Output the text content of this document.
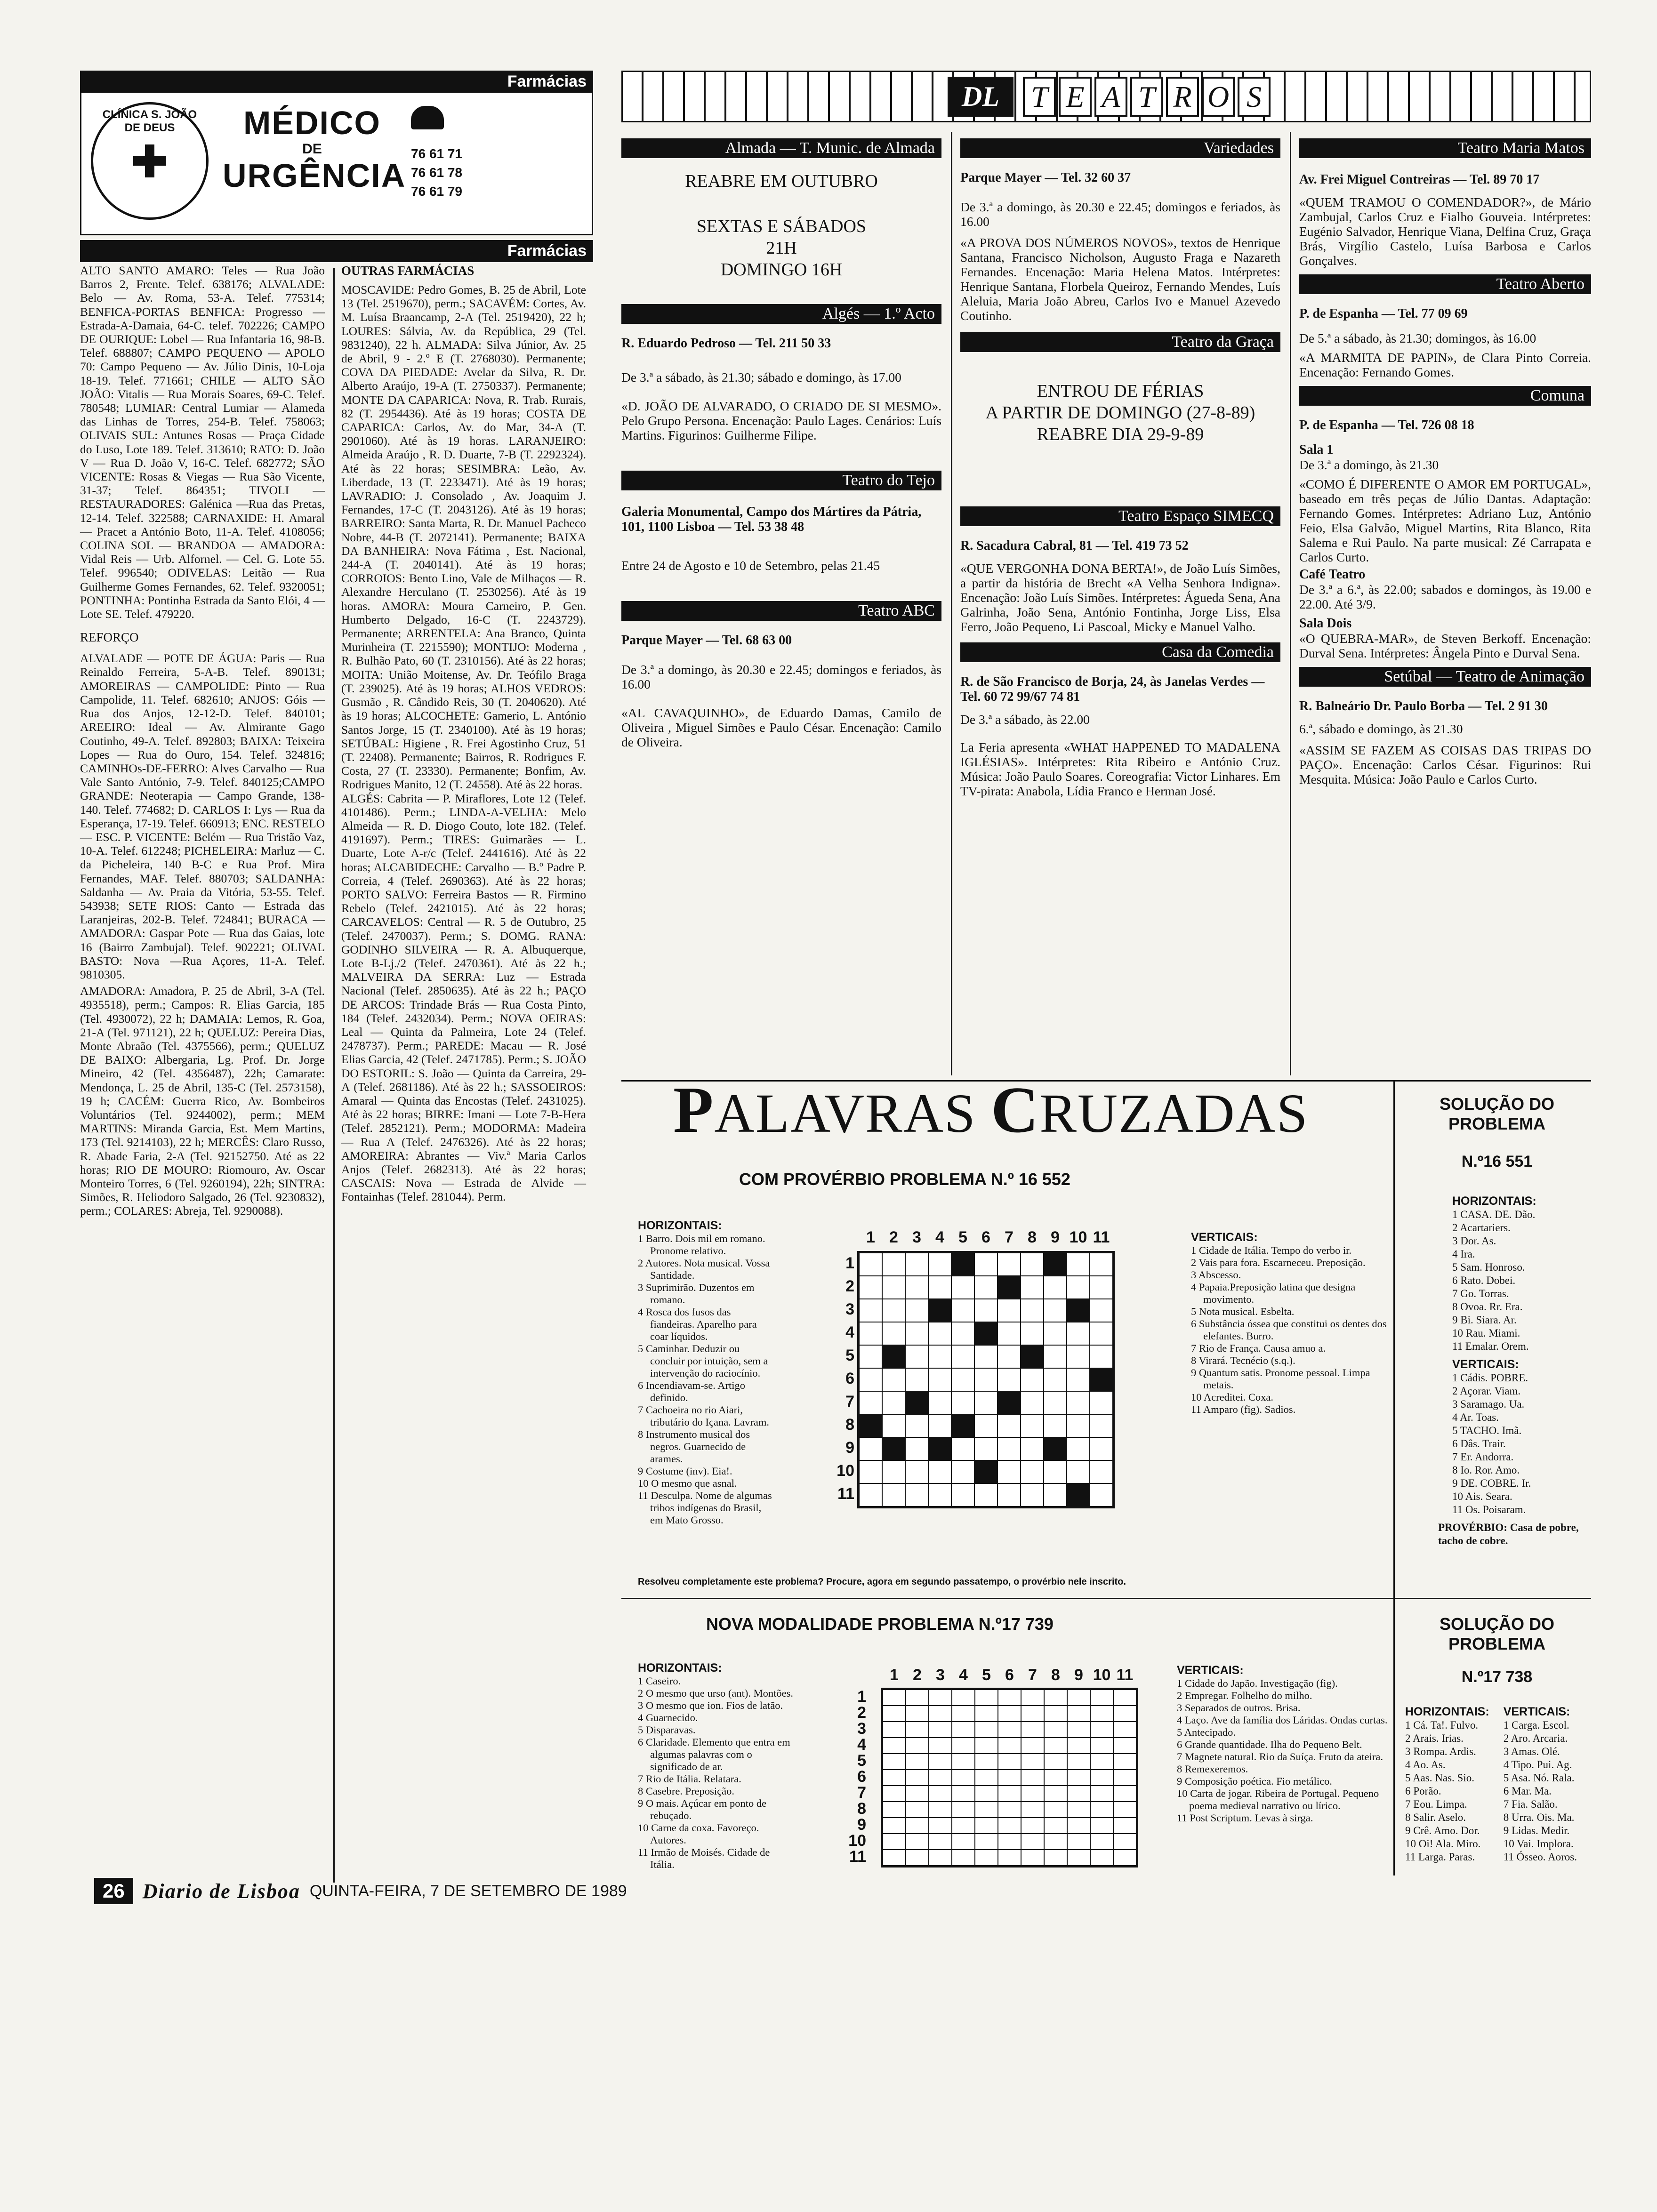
Farmácias
CLÍNICA S. JOÃO DE DEUS	MÉDICO
DE
URGÊNCIA
76 61 71
76 61 78
76 61 79
Farmácias
ALTO SANTO AMARO: Teles — Rua João Barros 2, Frente. Telef. 638176; ALVALADE: Belo — Av. Roma, 53-A. Telef. 775314; BENFICA-PORTAS BENFICA: Progresso — Estrada-A-Damaia, 64-C. telef. 702226; CAMPO DE OURIQUE: Lobel — Rua Infantaria 16, 98-B. Telef. 688807; CAMPO PEQUENO — APOLO 70: Campo Pequeno — Av. Júlio Dinis, 10-Loja 18-19. Telef. 771661; CHILE — ALTO SÃO JOÃO: Vitalis — Rua Morais Soares, 69-C. Telef. 780548; LUMIAR: Central Lumiar — Alameda das Linhas de Torres, 254-B. Telef. 758063; OLIVAIS SUL: Antunes Rosas — Praça Cidade do Luso, Lote 189. Telef. 313610; RATO: D. João V — Rua D. João V, 16-C. Telef. 682772; SÃO VICENTE: Rosas & Viegas — Rua São Vicente, 31-37; Telef. 864351; TIVOLI — RESTAURADORES: Galénica —Rua das Pretas, 12-14. Telef. 322588; CARNAXIDE: H. Amaral — Pracet a António Boto, 11-A. Telef. 4108056; COLINA SOL — BRANDOA — AMADORA: Vidal Reis — Urb. Alfornel. — Cel. G. Lote 55. Telef. 996540; ODIVELAS: Leitão — Rua Guilherme Gomes Fernandes, 62. Telef. 9320051; PONTINHA: Pontinha Estrada da Santo Elói, 4 — Lote SE. Telef. 479220.
REFORÇO
ALVALADE — POTE DE ÁGUA: Paris — Rua Reinaldo Ferreira, 5-A-B. Telef. 890131; AMOREIRAS — CAMPOLIDE: Pinto — Rua Campolide, 11. Telef. 682610; ANJOS: Góis — Rua dos Anjos, 12-12-D. Telef. 840101; AREEIRO: Ideal — Av. Almirante Gago Coutinho, 49-A. Telef. 892803; BAIXA: Teixeira Lopes — Rua do Ouro, 154. Telef. 324816; CAMINHOs-DE-FERRO: Alves Carvalho — Rua Vale Santo António, 7-9. Telef. 840125;CAMPO GRANDE: Neoterapia — Campo Grande, 138-140. Telef. 774682; D. CARLOS I: Lys — Rua da Esperança, 17-19. Telef. 660913; ENC. RESTELO — ESC. P. VICENTE: Belém — Rua Tristão Vaz, 10-A. Telef. 612248; PICHELEIRA: Marluz — C. da Picheleira, 140 B-C e Rua Prof. Mira Fernandes, MAF. Telef. 880703; SALDANHA: Saldanha — Av. Praia da Vitória, 53-55. Telef. 543938; SETE RIOS: Canto — Estrada das Laranjeiras, 202-B. Telef. 724841; BURACA — AMADORA: Gaspar Pote — Rua das Gaias, lote 16 (Bairro Zambujal). Telef. 902221; OLIVAL BASTO: Nova —Rua Açores, 11-A. Telef. 9810305.
AMADORA: Amadora, P. 25 de Abril, 3-A (Tel. 4935518), perm.; Campos: R. Elias Garcia, 185 (Tel. 4930072), 22 h; DAMAIA: Lemos, R. Goa, 21-A (Tel. 971121), 22 h; QUELUZ: Pereira Dias, Monte Abraão (Tel. 4375566), perm.; QUELUZ DE BAIXO: Albergaria, Lg. Prof. Dr. Jorge Mineiro, 42 (Tel. 4356487), 22h; Camarate: Mendonça, L. 25 de Abril, 135-C (Tel. 2573158), 19 h; CACÉM: Guerra Rico, Av. Bombeiros Voluntários (Tel. 9244002), perm.; MEM MARTINS: Miranda Garcia, Est. Mem Martins, 173 (Tel. 9214103), 22 h; MERCÊS: Claro Russo, R. Abade Faria, 2-A (Tel. 92152750. Até as 22 horas; RIO DE MOURO: Riomouro, Av. Oscar Monteiro Torres, 6 (Tel. 9260194), 22h; SINTRA: Simões, R. Heliodoro Salgado, 26 (Tel. 9230832), perm.; COLARES: Abreja, Tel. 9290088).
OUTRAS FARMÁCIAS
MOSCAVIDE: Pedro Gomes, B. 25 de Abril, Lote 13 (Tel. 2519670), perm.; SACAVÉM: Cortes, Av. M. Luísa Braancamp, 2-A (Tel. 2519420), 22 h; LOURES: Sálvia, Av. da República, 29 (Tel. 9831240), 22 h. ALMADA: Silva Júnior, Av. 25 de Abril, 9 - 2.º E (T. 2768030). Permanente; COVA DA PIEDADE: Avelar da Silva, R. Dr. Alberto Araújo, 19-A (T. 2750337). Permanente; MONTE DA CAPARICA: Nova, R. Trab. Rurais, 82 (T. 2954436). Até às 19 horas; COSTA DE CAPARICA: Carlos, Av. do Mar, 34-A (T. 2901060). Até às 19 horas. LARANJEIRO: Almeida Araújo , R. D. Duarte, 7-B (T. 2292324). Até às 22 horas; SESIMBRA: Leão, Av. Liberdade, 13 (T. 2233471). Até às 19 horas; LAVRADIO: J. Consolado , Av. Joaquim J. Fernandes, 17-C (T. 2043126). Até às 19 horas; BARREIRO: Santa Marta, R. Dr. Manuel Pacheco Nobre, 44-B (T. 2072141). Permanente; BAIXA DA BANHEIRA: Nova Fátima , Est. Nacional, 244-A (T. 2040141). Até às 19 horas; CORROIOS: Bento Lino, Vale de Milhaços — R. Alexandre Herculano (T. 2530256). Até às 19 horas. AMORA: Moura Carneiro, P. Gen. Humberto Delgado, 16-C (T. 2243729). Permanente; ARRENTELA: Ana Branco, Quinta Murinheira (T. 2215590); MONTIJO: Moderna , R. Bulhão Pato, 60 (T. 2310156). Até às 22 horas; MOITA: União Moitense, Av. Dr. Teófilo Braga (T. 239025). Até às 19 horas; ALHOS VEDROS: Gusmão , R. Cândido Reis, 30 (T. 2040620). Até às 19 horas; ALCOCHETE: Gamerio, L. António Santos Jorge, 15 (T. 2340100). Até às 19 horas; SETÚBAL: Higiene , R. Frei Agostinho Cruz, 51 (T. 22408). Permanente; Bairros, R. Rodrigues F. Costa, 27 (T. 23330). Permanente; Bonfim, Av. Rodrigues Manito, 12 (T. 24558). Até às 22 horas.
ALGÉS: Cabrita — P. Miraflores, Lote 12 (Telef. 4101486). Perm.; LINDA-A-VELHA: Melo Almeida — R. D. Diogo Couto, lote 182. (Telef. 4191697). Perm.; TIRES: Guimarães — L. Duarte, Lote A-r/c (Telef. 2441616). Até às 22 horas; ALCABIDECHE: Carvalho — B.º Padre P. Correia, 4 (Telef. 2690363). Até às 22 horas; PORTO SALVO: Ferreira Bastos — R. Firmino Rebelo (Telef. 2421015). Até às 22 horas; CARCAVELOS: Central — R. 5 de Outubro, 25 (Telef. 2470037). Perm.; S. DOMG. RANA: GODINHO SILVEIRA — R. A. Albuquerque, Lote B-Lj./2 (Telef. 2470361). Até às 22 h.; MALVEIRA DA SERRA: Luz — Estrada Nacional (Telef. 2850635). Até às 22 h.; PAÇO DE ARCOS: Trindade Brás — Rua Costa Pinto, 184 (Telef. 2432034). Perm.; NOVA OEIRAS: Leal — Quinta da Palmeira, Lote 24 (Telef. 2478737). Perm.; PAREDE: Macau — R. José Elias Garcia, 42 (Telef. 2471785). Perm.; S. JOÃO DO ESTORIL: S. João — Quinta da Carreira, 29-A (Telef. 2681186). Até às 22 h.; SASSOEIROS: Amaral — Quinta das Encostas (Telef. 2431025). Até às 22 horas; BIRRE: Imani — Lote 7-B-Hera (Telef. 2852121). Perm.; MODORMA: Madeira — Rua A (Telef. 2476326). Até às 22 horas; AMOREIRA: Abrantes — Viv.ª Maria Carlos Anjos (Telef. 2682313). Até às 22 horas; CASCAIS: Nova — Estrada de Alvide — Fontainhas (Telef. 281044). Perm.
DL	T E A T R O S
Almada — T. Munic. de Almada
REABRE EM OUTUBRO
SEXTAS E SÁBADOS
21H
DOMINGO 16H
Algés — 1.º Acto
R. Eduardo Pedroso — Tel. 211 50 33
De 3.ª a sábado, às 21.30; sábado e domingo, às 17.00
«D. JOÃO DE ALVARADO, O CRIADO DE SI MESMO». Pelo Grupo Persona. Encenação: Paulo Lages. Cenários: Luís Martins. Figurinos: Guilherme Filipe.
Teatro do Tejo
Galeria Monumental, Campo dos Mártires da Pátria, 101, 1100 Lisboa — Tel. 53 38 48
Entre 24 de Agosto e 10 de Setembro, pelas 21.45
Teatro ABC
Parque Mayer — Tel. 68 63 00
De 3.ª a domingo, às 20.30 e 22.45; domingos e feriados, às 16.00
«AL CAVAQUINHO», de Eduardo Damas, Camilo de Oliveira , Miguel Simões e Paulo César. Encenação: Camilo de Oliveira.
Variedades
Parque Mayer — Tel. 32 60 37
De 3.ª a domingo, às 20.30 e 22.45; domingos e feriados, às 16.00
«A PROVA DOS NÚMEROS NOVOS», textos de Henrique Santana, Francisco Nicholson, Augusto Fraga e Nazareth Fernandes. Encenação: Maria Helena Matos. Intérpretes: Henrique Santana, Florbela Queiroz, Fernando Mendes, Luís Aleluia, Maria João Abreu, Carlos Ivo e Manuel Azevedo Coutinho.
Teatro da Graça
ENTROU DE FÉRIAS
A PARTIR DE DOMINGO (27-8-89)
REABRE DIA 29-9-89
Teatro Espaço SIMECQ
R. Sacadura Cabral, 81 — Tel. 419 73 52
«QUE VERGONHA DONA BERTA!», de João Luís Simões, a partir da história de Brecht «A Velha Senhora Indigna». Encenação: João Luís Simões. Intérpretes: Águeda Sena, Ana Galrinha, João Sena, António Fontinha, Jorge Liss, Elsa Ferro, João Pequeno, Li Pascoal, Micky e Manuel Valho.
Casa da Comedia
R. de São Francisco de Borja, 24, às Janelas Verdes — Tel. 60 72 99/67 74 81
De 3.ª a sábado, às 22.00
La Feria apresenta «WHAT HAPPENED TO MADALENA IGLÉSIAS». Intérpretes: Rita Ribeiro e António Cruz. Música: João Paulo Soares. Coreografia: Victor Linhares. Em TV-pirata: Anabola, Lídia Franco e Herman José.
Teatro Maria Matos
Av. Frei Miguel Contreiras — Tel. 89 70 17
«QUEM TRAMOU O COMENDADOR?», de Mário Zambujal, Carlos Cruz e Fialho Gouveia. Intérpretes: Eugénio Salvador, Henrique Viana, Delfina Cruz, Graça Brás, Virgílio Castelo, Luísa Barbosa e Carlos Gonçalves.
Teatro Aberto
P. de Espanha — Tel. 77 09 69
De 5.ª a sábado, às 21.30; domingos, às 16.00
«A MARMITA DE PAPIN», de Clara Pinto Correia. Encenação: Fernando Gomes.
Comuna
P. de Espanha — Tel. 726 08 18
Sala 1
De 3.ª a domingo, às 21.30
«COMO É DIFERENTE O AMOR EM PORTUGAL», baseado em três peças de Júlio Dantas. Adaptação: Fernando Gomes. Intérpretes: Adriano Luz, António Feio, Elsa Galvão, Miguel Martins, Rita Blanco, Rita Salema e Rui Paulo. Na parte musical: Zé Carrapata e Carlos Curto.
Café Teatro
De 3.ª a 6.ª, às 22.00; sabados e domingos, às 19.00 e 22.00. Até 3/9.
Sala Dois
«O QUEBRA-MAR», de Steven Berkoff. Encenação: Durval Sena. Intérpretes: Ângela Pinto e Durval Sena.
Setúbal — Teatro de Animação
R. Balneário Dr. Paulo Borba — Tel. 2 91 30
6.ª, sábado e domingo, às 21.30
«ASSIM SE FAZEM AS COISAS DAS TRIPAS DO PAÇO». Encenação: Carlos César. Figurinos: Rui Mesquita. Música: João Paulo e Carlos Curto.
PALAVRAS CRUZADAS
COM PROVÉRBIO PROBLEMA N.º 16 552
HORIZONTAIS:
1 Barro. Dois mil em romano. Pronome relativo.
2 Autores. Nota musical. Vossa Santidade.
3 Suprimirão. Duzentos em romano.
4 Rosca dos fusos das fiandeiras. Aparelho para coar líquidos.
5 Caminhar. Deduzir ou concluir por intuição, sem a intervenção do raciocínio.
6 Incendiavam-se. Artigo definido.
7 Cachoeira no rio Aiari, tributário do Içana. Lavram.
8 Instrumento musical dos negros. Guarnecido de arames.
9 Costume (inv). Eia!.
10 O mesmo que asnal.
11 Desculpa. Nome de algumas tribos indígenas do Brasil, em Mato Grosso.
1 2 3 4 5 6 7 8 9 10 11
1
2
3
4
5
6
7
8
9
10
11
VERTICAIS:
1 Cidade de Itália. Tempo do verbo ir.
2 Vais para fora. Escarneceu. Preposição.
3 Abscesso.
4 Papaia.Preposição latina que designa movimento.
5 Nota musical. Esbelta.
6 Substância óssea que constitui os dentes dos elefantes. Burro.
7 Rio de França. Causa amuo a.
8 Virará. Tecnécio (s.q.).
9 Quantum satis. Pronome pessoal. Limpa metais.
10 Acreditei. Coxa.
11 Amparo (fig). Sadios.
Resolveu completamente este problema? Procure, agora em segundo passatempo, o provérbio nele inscrito.
SOLUÇÃO DO PROBLEMA
N.º16 551
HORIZONTAIS:
1 CASA. DE. Dão.
2 Acartariers.
3 Dor. As.
4 Ira.
5 Sam. Honroso.
6 Rato. Dobei.
7 Go. Torras.
8 Ovoa. Rr. Era.
9 Bi. Siara. Ar.
10 Rau. Miami.
11 Emalar. Orem.
VERTICAIS:
1 Cádis. POBRE.
2 Açorar. Viam.
3 Saramago. Ua.
4 Ar. Toas.
5 TACHO. Imã.
6 Dâs. Trair.
7 Er. Andorra.
8 Io. Ror. Amo.
9 DE. COBRE. Ir.
10 Ais. Seara.
11 Os. Poisaram.
PROVÉRBIO: Casa de pobre, tacho de cobre.
NOVA MODALIDADE PROBLEMA N.º17 739
HORIZONTAIS:
1 Caseiro.
2 O mesmo que urso (ant). Montões.
3 O mesmo que ion. Fios de latão.
4 Guarnecido.
5 Disparavas.
6 Claridade. Elemento que entra em algumas palavras com o significado de ar.
7 Rio de Itália. Relatara.
8 Casebre. Preposição.
9 O mais. Açúcar em ponto de rebuçado.
10 Carne da coxa. Favoreço. Autores.
11 Irmão de Moisés. Cidade de Itália.
1 2 3 4 5 6 7 8 9 10 11
1
2
3
4
5
6
7
8
9
10
11
VERTICAIS:
1 Cidade do Japão. Investigação (fig).
2 Empregar. Folhelho do milho.
3 Separados de outros. Brisa.
4 Laço. Ave da família dos Láridas. Ondas curtas.
5 Antecipado.
6 Grande quantidade. Ilha do Pequeno Belt.
7 Magnete natural. Rio da Suíça. Fruto da ateira.
8 Remexeremos.
9 Composição poética. Fio metálico.
10 Carta de jogar. Ribeira de Portugal. Pequeno poema medieval narrativo ou lírico.
11 Post Scriptum. Levas à sirga.
SOLUÇÃO DO PROBLEMA
N.º17 738
HORIZONTAIS:
1 Cá. Ta!. Fulvo.
2 Arais. Irias.
3 Rompa. Ardis.
4 Ao. As.
5 Aas. Nas. Sio.
6 Porão.
7 Eou. Limpa.
8 Salir. Aselo.
9 Crê. Amo. Dor.
10 Oi! Ala. Miro.
11 Larga. Paras.
VERTICAIS:
1 Carga. Escol.
2 Aro. Arcaria.
3 Amas. Olé.
4 Tipo. Pui. Ag.
5 Asa. Nó. Rala.
6 Mar. Ma.
7 Fia. Salão.
8 Urra. Ois. Ma.
9 Lidas. Medir.
10 Vai. Implora.
11 Ósseo. Aoros.
26 Diario de Lisboa QUINTA-FEIRA, 7 DE SETEMBRO DE 1989
